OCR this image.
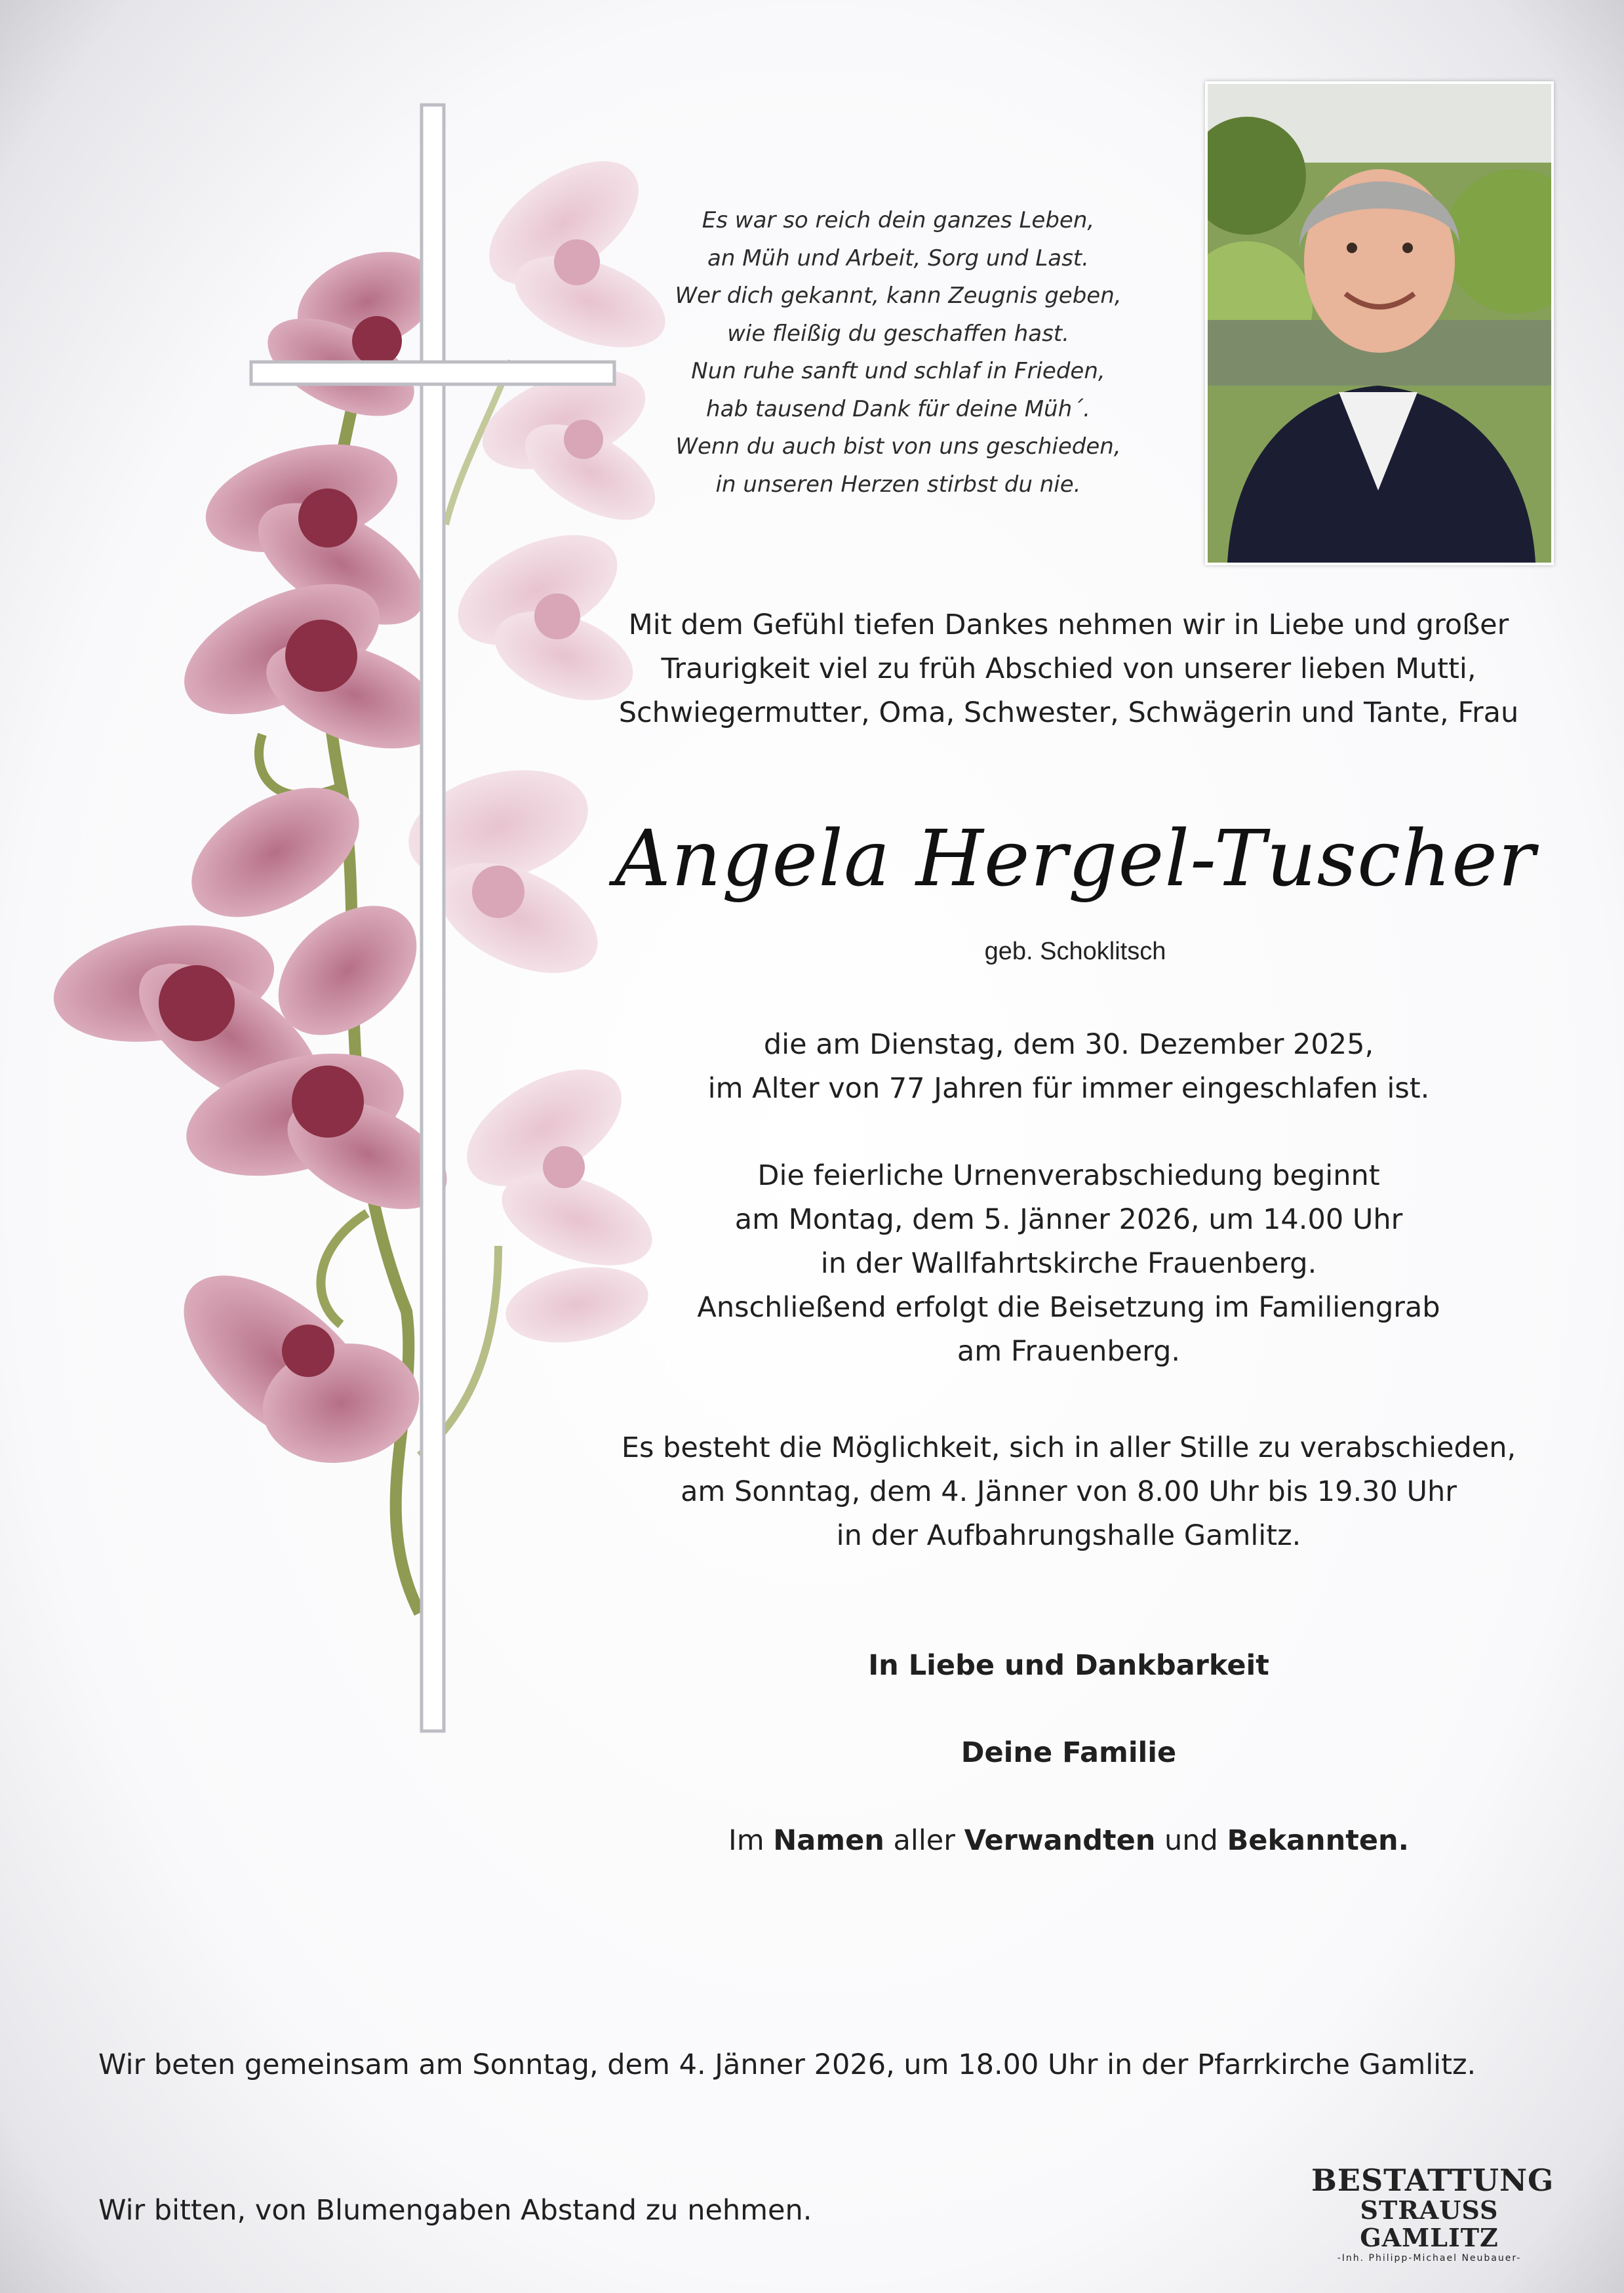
Es war so reich dein ganzes Leben,
an Müh und Arbeit, Sorg und Last.
Wer dich gekannt, kann Zeugnis geben,
wie fleißig du geschaffen hast.
Nun ruhe sanft und schlaf in Frieden,
hab tausend Dank für deine Müh´.
Wenn du auch bist von uns geschieden,
in unseren Herzen stirbst du nie.
Mit dem Gefühl tiefen Dankes nehmen wir in Liebe und großer
Traurigkeit viel zu früh Abschied von unserer lieben Mutti,
Schwiegermutter, Oma, Schwester, Schwägerin und Tante, Frau
Angela Hergel-Tuscher
geb. Schoklitsch
die am Dienstag, dem 30. Dezember 2025,
im Alter von 77 Jahren für immer eingeschlafen ist.
Die feierliche Urnenverabschiedung beginnt
am Montag, dem 5. Jänner 2026, um 14.00 Uhr
in der Wallfahrtskirche Frauenberg.
Anschließend erfolgt die Beisetzung im Familiengrab
am Frauenberg.
Es besteht die Möglichkeit, sich in aller Stille zu verabschieden,
am Sonntag, dem 4. Jänner von 8.00 Uhr bis 19.30 Uhr
in der Aufbahrungshalle Gamlitz.
In Liebe und Dankbarkeit
Deine Familie
Im Namen aller Verwandten und Bekannten.
Wir beten gemeinsam am Sonntag, dem 4. Jänner 2026, um 18.00 Uhr in der Pfarrkirche Gamlitz.
Wir bitten, von Blumengaben Abstand zu nehmen.
BESTATTUNG
STRAUSS GAMLITZ
-Inh. Philipp-Michael Neubauer-
